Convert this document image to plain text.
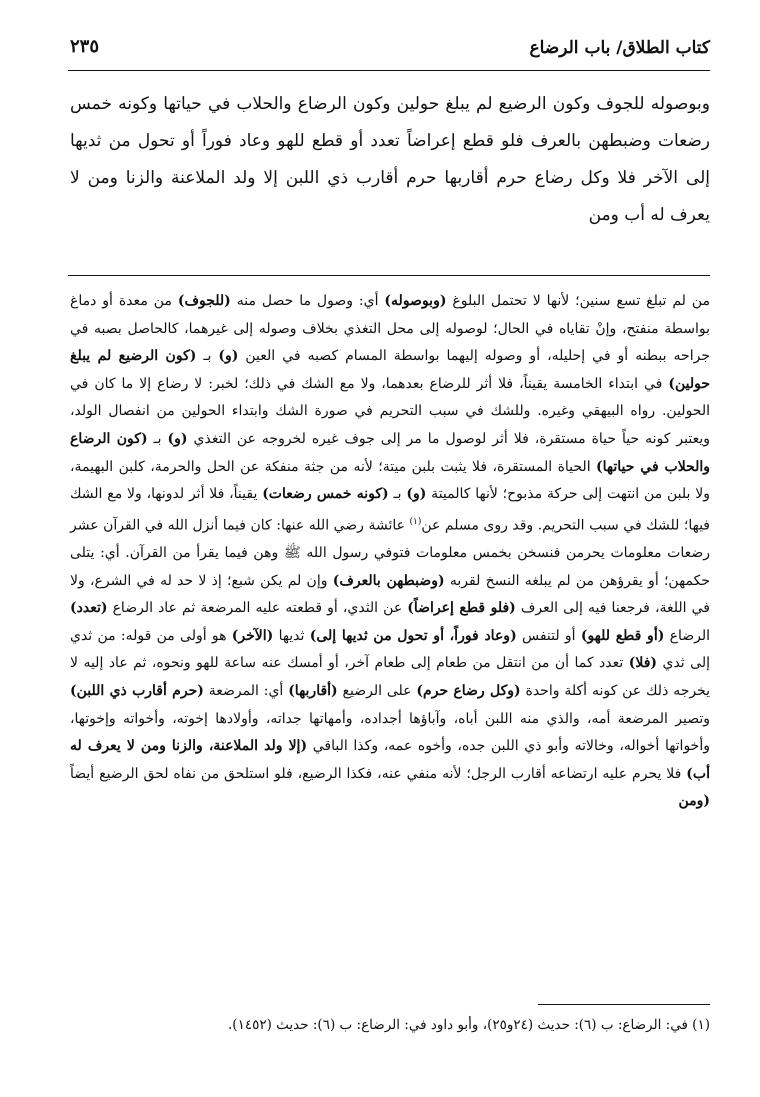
كتاب الطلاق/ باب الرضاع
٢٣٥
وبوصوله للجوف وكون الرضيع لم يبلغ حولين وكون الرضاع والحلاب في حياتها وكونه خمس رضعات وضبطهن بالعرف فلو قطع إعراضاً تعدد أو قطع للهو وعاد فوراً أو تحول من ثديها إلى الآخر فلا وكل رضاع حرم أقاربها حرم أقارب ذي اللبن إلا ولد الملاعنة والزنا ومن لا يعرف له أب ومن
من لم تبلغ تسع سنين؛ لأنها لا تحتمل البلوغ (وبوصوله) أي: وصول ما حصل منه (للجوف) من معدة أو دماغ بواسطة منفتح، وإنْ تقاياه في الحال؛ لوصوله إلى محل التغذي بخلاف وصوله إلى غيرهما، كالحاصل بصبه في جراحه ببطنه أو في إحليله، أو وصوله إليهما بواسطة المسام كصبه في العين (و) بـ (كون الرضيع لم يبلغ حولين) في ابتداء الخامسة يقيناً، فلا أثر للرضاع بعدهما، ولا مع الشك في ذلك؛ لخبر: لا رضاع إلا ما كان في الحولين. رواه البيهقي وغيره. وللشك في سبب التحريم في صورة الشك وابتداء الحولين من انفصال الولد، ويعتبر كونه حياً حياة مستقرة، فلا أثر لوصول ما مر إلى جوف غيره لخروجه عن التغذي (و) بـ (كون الرضاع والحلاب في حياتها) الحياة المستقرة، فلا يثبت بلبن ميتة؛ لأنه من جثة منفكة عن الحل والحرمة، كلبن البهيمة، ولا بلبن من انتهت إلى حركة مذبوح؛ لأنها كالميتة (و) بـ (كونه خمس رضعات) يقيناً، فلا أثر لدونها، ولا مع الشك فيها؛ للشك في سبب التحريم. وقد روى مسلم عن$^{(١)}$ عائشة رضي الله عنها: كان فيما أنزل الله في القرآن عشر رضعات معلومات يحرمن فنسخن بخمس معلومات فتوفي رسول الله ﷺ وهن فيما يقرأ من القرآن. أي: يتلى حكمهن؛ أو يقرؤهن من لم يبلغه النسخ لقربه (وضبطهن بالعرف) وإن لم يكن شبع؛ إذ لا حد له في الشرع، ولا في اللغة، فرجعنا فيه إلى العرف (فلو قطع إعراضاً) عن الثدي، أو قطعته عليه المرضعة ثم عاد الرضاع (تعدد) الرضاع (أو قطع للهو) أو لتنفس (وعاد فوراً، أو تحول من ثديها إلى) ثديها (الآخر) هو أولى من قوله: من ثدي إلى ثدي (فلا) تعدد كما أن من انتقل من طعام إلى طعام آخر، أو أمسك عنه ساعة للهو ونحوه، ثم عاد إليه لا يخرجه ذلك عن كونه أكلة واحدة (وكل رضاع حرم) على الرضيع (أقاربها) أي: المرضعة (حرم أقارب ذي اللبن) وتصير المرضعة أمه، والذي منه اللبن أباه، وآباؤها أجداده، وأمهاتها جداته، وأولادها إخوته، وأخواته وإخوتها، وأخواتها أخواله، وخالاته وأبو ذي اللبن جده، وأخوه عمه، وكذا الباقي (إلا ولد الملاعنة، والزنا ومن لا يعرف له أب) فلا يحرم عليه ارتضاعه أقارب الرجل؛ لأنه منفي عنه، فكذا الرضيع، فلو استلحق من نفاه لحق الرضيع أيضاً (ومن
(١) في: الرضاع: ب (٦): حديث (٢٤و٢٥)، وأبو داود في: الرضاع: ب (٦): حديث (١٤٥٢).
